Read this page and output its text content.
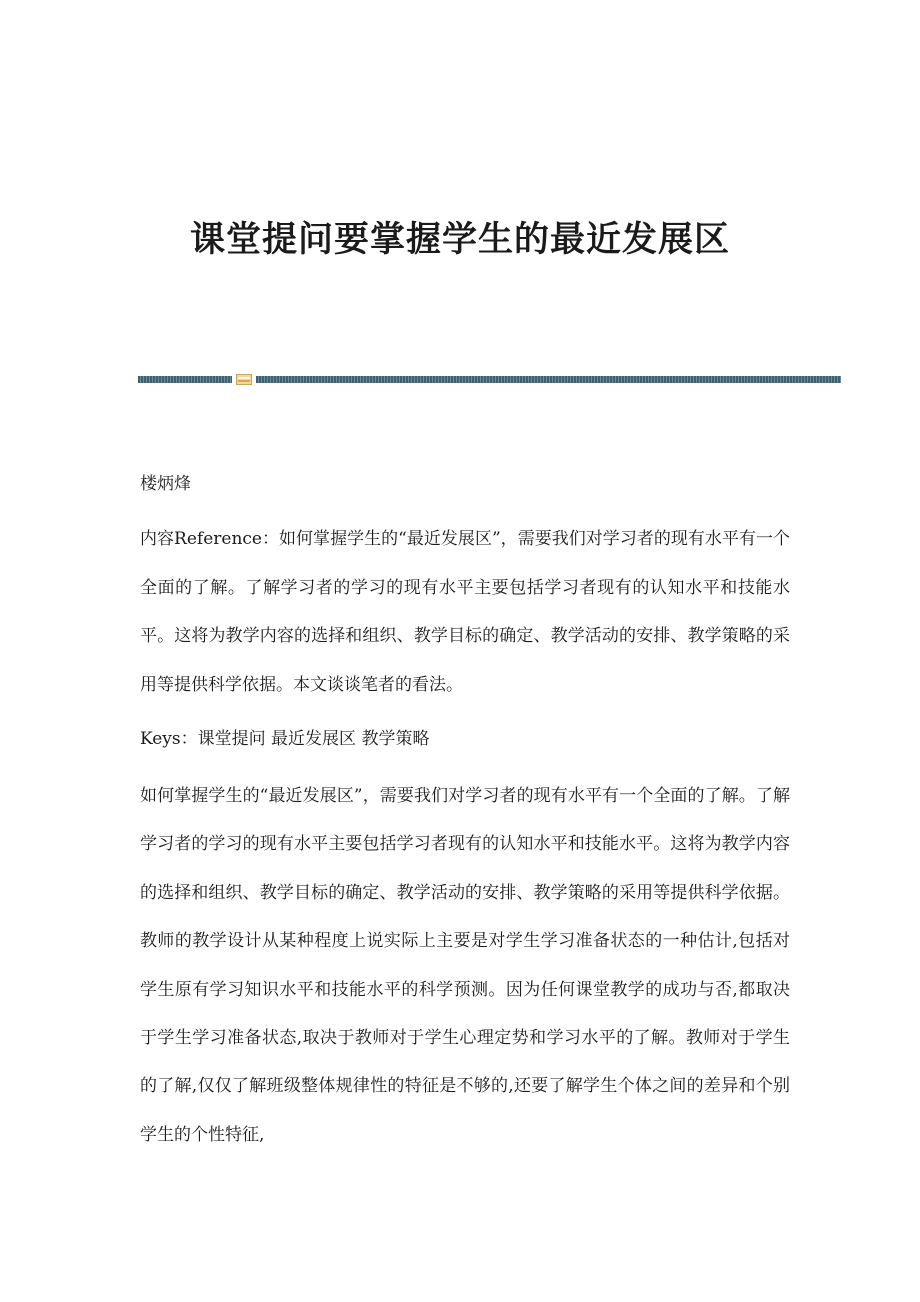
课堂提问要掌握学生的最近发展区

楼炳烽

内容Reference：如何掌握学生的“最近发展区”，需要我们对学习者的现有水平有一个全面的了解。了解学习者的学习的现有水平主要包括学习者现有的认知水平和技能水平。这将为教学内容的选择和组织、教学目标的确定、教学活动的安排、教学策略的采用等提供科学依据。本文谈谈笔者的看法。

Keys：课堂提问 最近发展区 教学策略

如何掌握学生的“最近发展区”，需要我们对学习者的现有水平有一个全面的了解。了解学习者的学习的现有水平主要包括学习者现有的认知水平和技能水平。这将为教学内容的选择和组织、教学目标的确定、教学活动的安排、教学策略的采用等提供科学依据。教师的教学设计从某种程度上说实际上主要是对学生学习准备状态的一种估计,包括对学生原有学习知识水平和技能水平的科学预测。因为任何课堂教学的成功与否,都取决于学生学习准备状态,取决于教师对于学生心理定势和学习水平的了解。教师对于学生的了解,仅仅了解班级整体规律性的特征是不够的,还要了解学生个体之间的差异和个别学生的个性特征,
